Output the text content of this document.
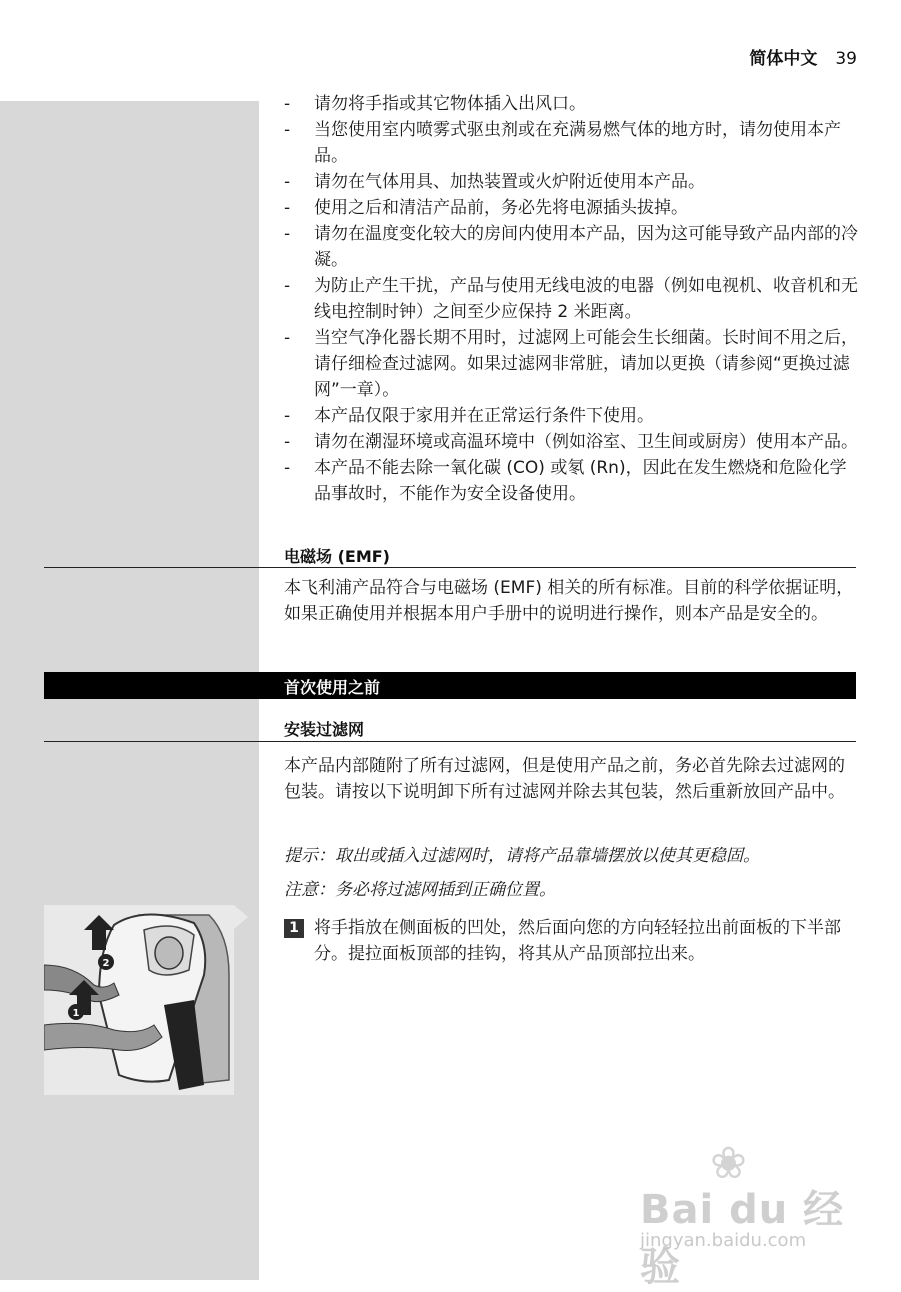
简体中文 39
- 请勿将手指或其它物体插入出风口。
- 当您使用室内喷雾式驱虫剂或在充满易燃气体的地方时，请勿使用本产品。
- 请勿在气体用具、加热装置或火炉附近使用本产品。
- 使用之后和清洁产品前，务必先将电源插头拔掉。
- 请勿在温度变化较大的房间内使用本产品，因为这可能导致产品内部的冷凝。
- 为防止产生干扰，产品与使用无线电波的电器（例如电视机、收音机和无线电控制时钟）之间至少应保持 2 米距离。
- 当空气净化器长期不用时，过滤网上可能会生长细菌。长时间不用之后，请仔细检查过滤网。如果过滤网非常脏，请加以更换（请参阅“更换过滤网”一章）。
- 本产品仅限于家用并在正常运行条件下使用。
- 请勿在潮湿环境或高温环境中（例如浴室、卫生间或厨房）使用本产品。
- 本产品不能去除一氧化碳 (CO) 或氡 (Rn)，因此在发生燃烧和危险化学品事故时，不能作为安全设备使用。
电磁场 (EMF)

本飞利浦产品符合与电磁场 (EMF) 相关的所有标准。目前的科学依据证明，如果正确使用并根据本用户手册中的说明进行操作，则本产品是安全的。

首次使用之前
安装过滤网

本产品内部随附了所有过滤网，但是使用产品之前，务必首先除去过滤网的包装。请按以下说明卸下所有过滤网并除去其包装，然后重新放回产品中。

提示：取出或插入过滤网时，请将产品靠墙摆放以使其更稳固。

注意：务必将过滤网插到正确位置。

1 将手指放在侧面板的凹处，然后面向您的方向轻轻拉出前面板的下半部分。提拉面板顶部的挂钩，将其从产品顶部拉出来。
2
1
❀
Bai du 经验
jingyan.baidu.com
